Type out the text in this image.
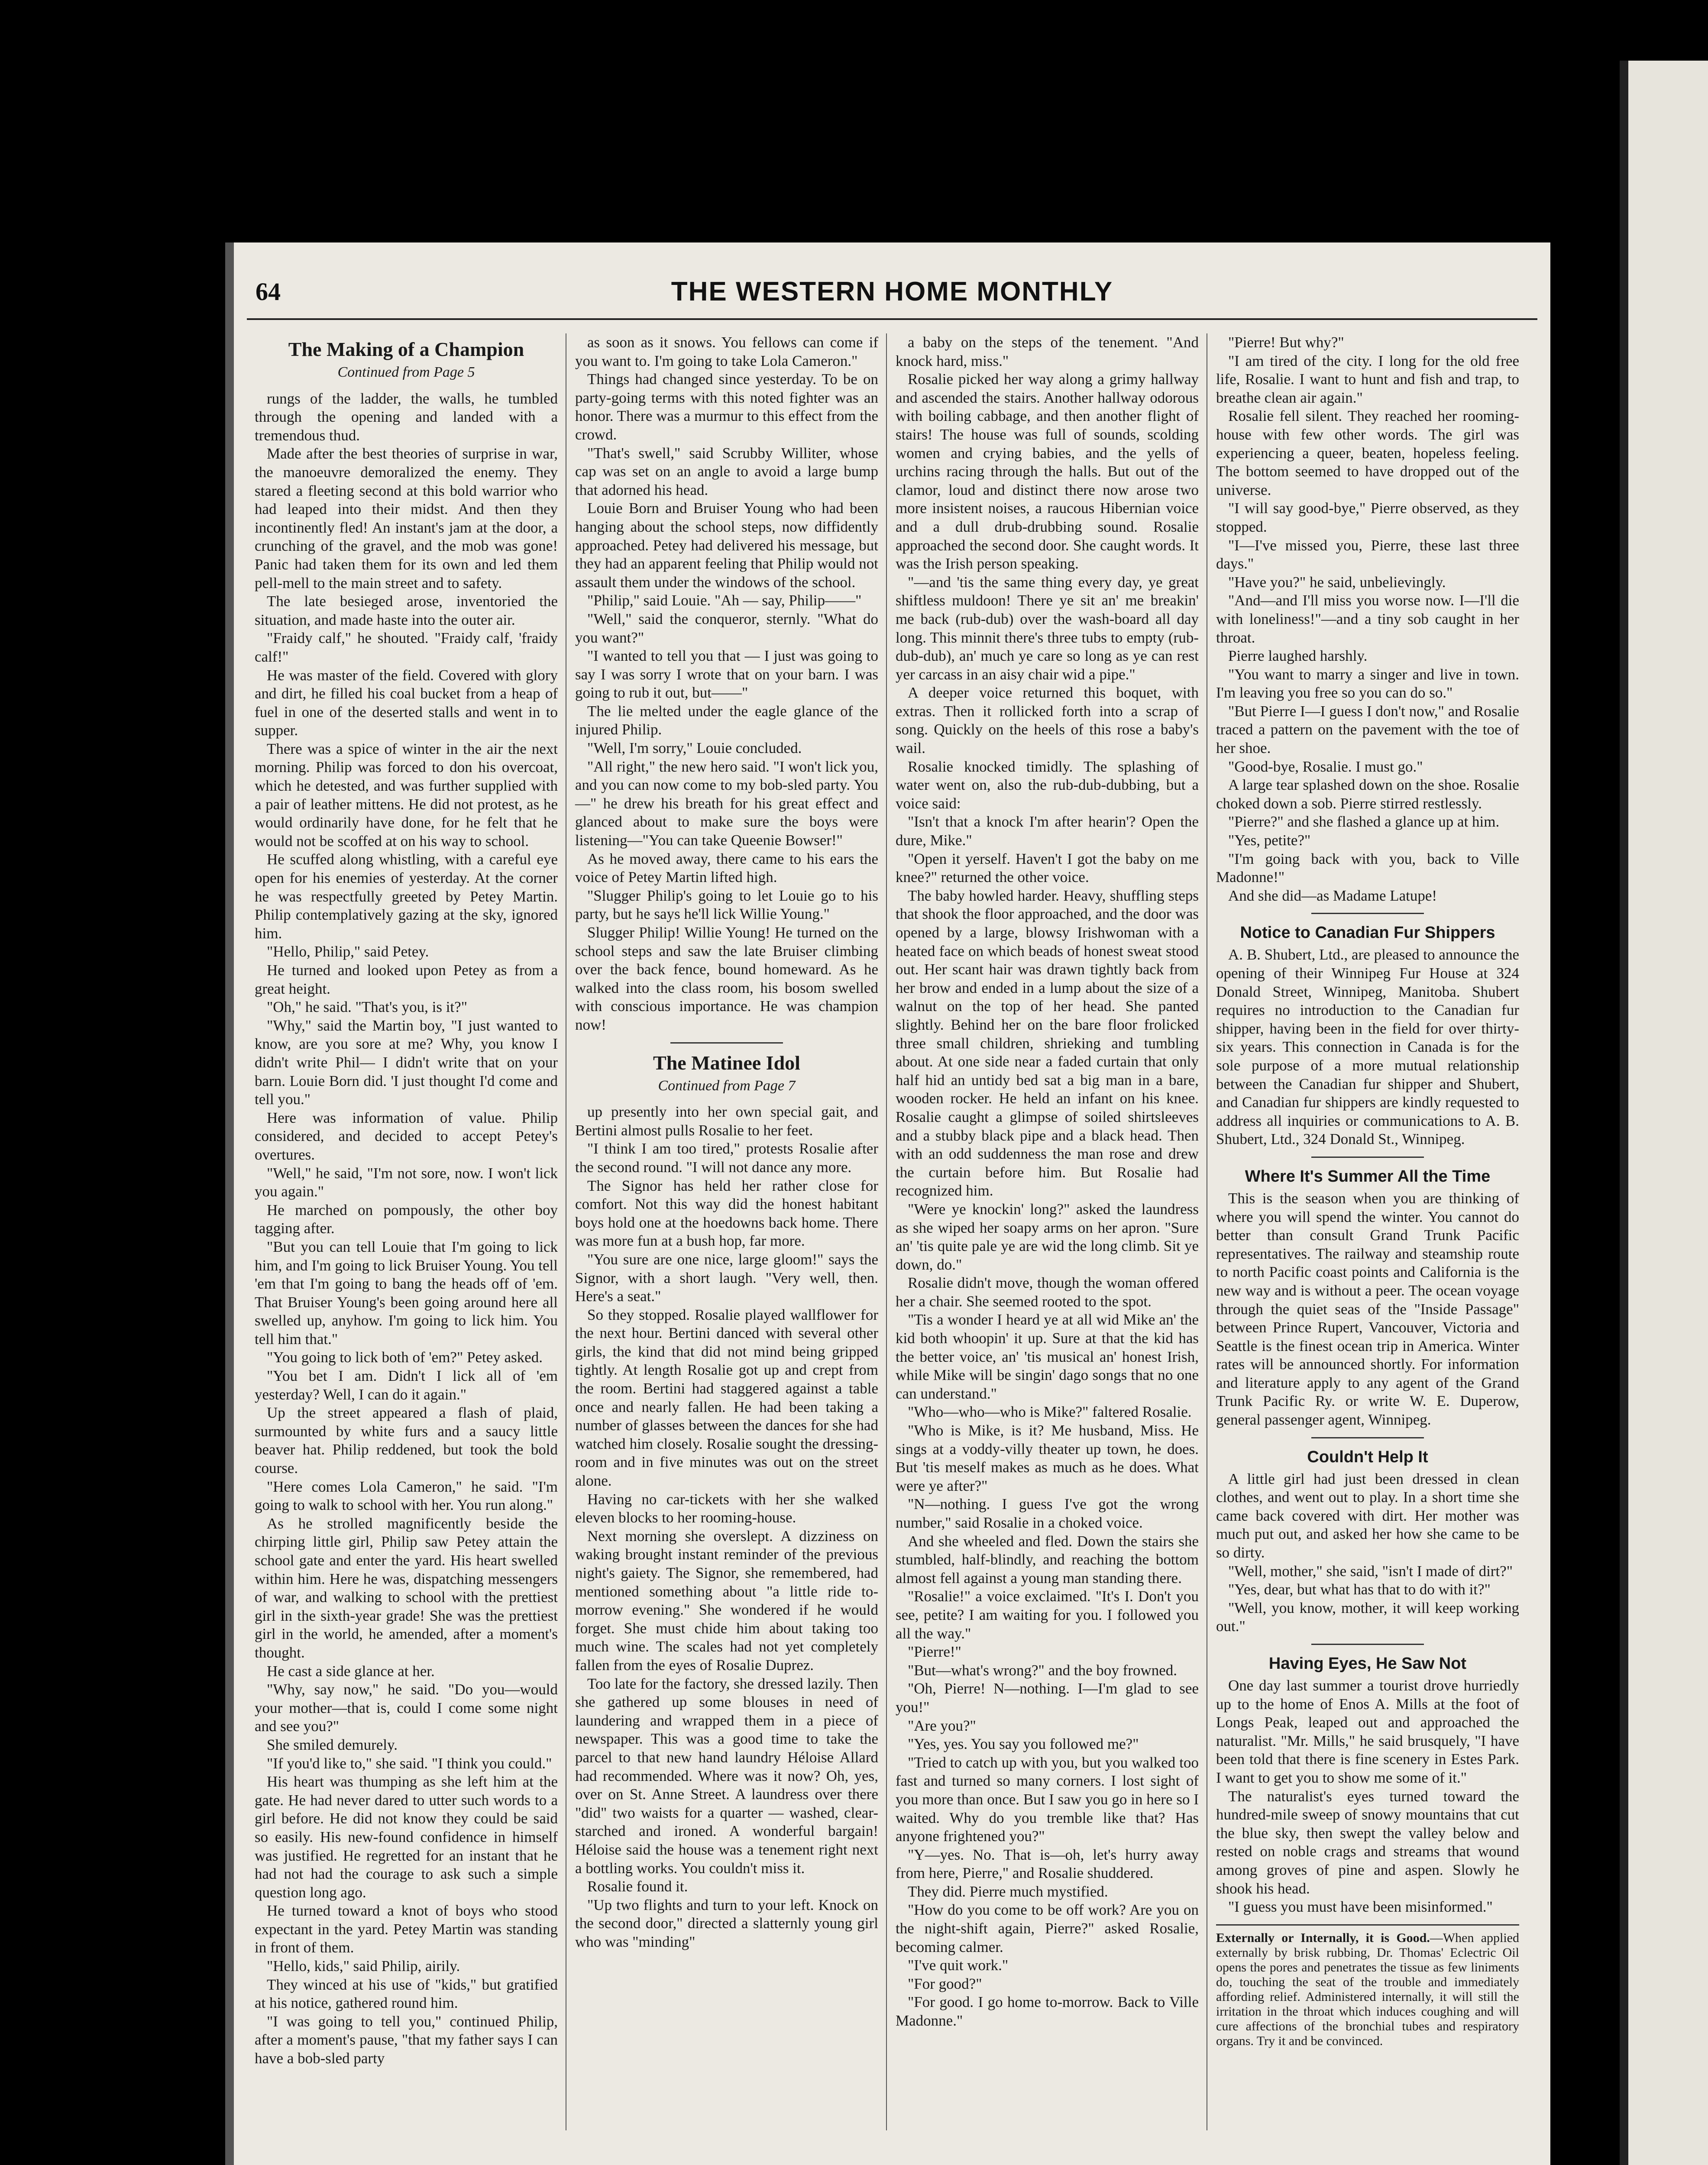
64	THE WESTERN HOME MONTHLY
The Making of a Champion
Continued from Page 5

rungs of the ladder, the walls, he tumbled through the opening and landed with a tremendous thud.

Made after the best theories of surprise in war, the manoeuvre demoralized the enemy. They stared a fleeting second at this bold warrior who had leaped into their midst. And then they incontinently fled! An instant's jam at the door, a crunching of the gravel, and the mob was gone! Panic had taken them for its own and led them pell-mell to the main street and to safety.

The late besieged arose, inventoried the situation, and made haste into the outer air.

"Fraidy calf," he shouted. "Fraidy calf, 'fraidy calf!"

He was master of the field. Covered with glory and dirt, he filled his coal bucket from a heap of fuel in one of the deserted stalls and went in to supper.

There was a spice of winter in the air the next morning. Philip was forced to don his overcoat, which he detested, and was further supplied with a pair of leather mittens. He did not protest, as he would ordinarily have done, for he felt that he would not be scoffed at on his way to school.

He scuffed along whistling, with a careful eye open for his enemies of yesterday. At the corner he was respectfully greeted by Petey Martin. Philip contemplatively gazing at the sky, ignored him.

"Hello, Philip," said Petey.

He turned and looked upon Petey as from a great height.

"Oh," he said. "That's you, is it?"

"Why," said the Martin boy, "I just wanted to know, are you sore at me? Why, you know I didn't write Phil— I didn't write that on your barn. Louie Born did. 'I just thought I'd come and tell you."

Here was information of value. Philip considered, and decided to accept Petey's overtures.

"Well," he said, "I'm not sore, now. I won't lick you again."

He marched on pompously, the other boy tagging after.

"But you can tell Louie that I'm going to lick him, and I'm going to lick Bruiser Young. You tell 'em that I'm going to bang the heads off of 'em. That Bruiser Young's been going around here all swelled up, anyhow. I'm going to lick him. You tell him that."

"You going to lick both of 'em?" Petey asked.

"You bet I am. Didn't I lick all of 'em yesterday? Well, I can do it again."

Up the street appeared a flash of plaid, surmounted by white furs and a saucy little beaver hat. Philip reddened, but took the bold course.

"Here comes Lola Cameron," he said. "I'm going to walk to school with her. You run along."

As he strolled magnificently beside the chirping little girl, Philip saw Petey attain the school gate and enter the yard. His heart swelled within him. Here he was, dispatching messengers of war, and walking to school with the prettiest girl in the sixth-year grade! She was the prettiest girl in the world, he amended, after a moment's thought.

He cast a side glance at her.

"Why, say now," he said. "Do you—would your mother—that is, could I come some night and see you?"

She smiled demurely.

"If you'd like to," she said. "I think you could."

His heart was thumping as she left him at the gate. He had never dared to utter such words to a girl before. He did not know they could be said so easily. His new-found confidence in himself was justified. He regretted for an instant that he had not had the courage to ask such a simple question long ago.

He turned toward a knot of boys who stood expectant in the yard. Petey Martin was standing in front of them.

"Hello, kids," said Philip, airily.

They winced at his use of "kids," but gratified at his notice, gathered round him.

"I was going to tell you," continued Philip, after a moment's pause, "that my father says I can have a bob-sled party

as soon as it snows. You fellows can come if you want to. I'm going to take Lola Cameron."

Things had changed since yesterday. To be on party-going terms with this noted fighter was an honor. There was a murmur to this effect from the crowd.

"That's swell," said Scrubby Williter, whose cap was set on an angle to avoid a large bump that adorned his head.

Louie Born and Bruiser Young who had been hanging about the school steps, now diffidently approached. Petey had delivered his message, but they had an apparent feeling that Philip would not assault them under the windows of the school.

"Philip," said Louie. "Ah — say, Philip——"

"Well," said the conqueror, sternly. "What do you want?"

"I wanted to tell you that — I just was going to say I was sorry I wrote that on your barn. I was going to rub it out, but——"

The lie melted under the eagle glance of the injured Philip.

"Well, I'm sorry," Louie concluded.

"All right," the new hero said. "I won't lick you, and you can now come to my bob-sled party. You—" he drew his breath for his great effect and glanced about to make sure the boys were listening—"You can take Queenie Bowser!"

As he moved away, there came to his ears the voice of Petey Martin lifted high.

"Slugger Philip's going to let Louie go to his party, but he says he'll lick Willie Young."

Slugger Philip! Willie Young! He turned on the school steps and saw the late Bruiser climbing over the back fence, bound homeward. As he walked into the class room, his bosom swelled with conscious importance. He was champion now!

The Matinee Idol
Continued from Page 7

up presently into her own special gait, and Bertini almost pulls Rosalie to her feet.

"I think I am too tired," protests Rosalie after the second round. "I will not dance any more.

The Signor has held her rather close for comfort. Not this way did the honest habitant boys hold one at the hoedowns back home. There was more fun at a bush hop, far more.

"You sure are one nice, large gloom!" says the Signor, with a short laugh. "Very well, then. Here's a seat."

So they stopped. Rosalie played wallflower for the next hour. Bertini danced with several other girls, the kind that did not mind being gripped tightly. At length Rosalie got up and crept from the room. Bertini had staggered against a table once and nearly fallen. He had been taking a number of glasses between the dances for she had watched him closely. Rosalie sought the dressing-room and in five minutes was out on the street alone.

Having no car-tickets with her she walked eleven blocks to her rooming-house.

Next morning she overslept. A dizziness on waking brought instant reminder of the previous night's gaiety. The Signor, she remembered, had mentioned something about "a little ride to-morrow evening." She wondered if he would forget. She must chide him about taking too much wine. The scales had not yet completely fallen from the eyes of Rosalie Duprez.

Too late for the factory, she dressed lazily. Then she gathered up some blouses in need of laundering and wrapped them in a piece of newspaper. This was a good time to take the parcel to that new hand laundry Héloise Allard had recommended. Where was it now? Oh, yes, over on St. Anne Street. A laundress over there "did" two waists for a quarter — washed, clear-starched and ironed. A wonderful bargain! Héloise said the house was a tenement right next a bottling works. You couldn't miss it.

Rosalie found it.

"Up two flights and turn to your left. Knock on the second door," directed a slatternly young girl who was "minding"

a baby on the steps of the tenement. "And knock hard, miss."

Rosalie picked her way along a grimy hallway and ascended the stairs. Another hallway odorous with boiling cabbage, and then another flight of stairs! The house was full of sounds, scolding women and crying babies, and the yells of urchins racing through the halls. But out of the clamor, loud and distinct there now arose two more insistent noises, a raucous Hibernian voice and a dull drub-drubbing sound. Rosalie approached the second door. She caught words. It was the Irish person speaking.

"—and 'tis the same thing every day, ye great shiftless muldoon! There ye sit an' me breakin' me back (rub-dub) over the wash-board all day long. This minnit there's three tubs to empty (rub-dub-dub), an' much ye care so long as ye can rest yer carcass in an aisy chair wid a pipe."

A deeper voice returned this boquet, with extras. Then it rollicked forth into a scrap of song. Quickly on the heels of this rose a baby's wail.

Rosalie knocked timidly. The splashing of water went on, also the rub-dub-dubbing, but a voice said:

"Isn't that a knock I'm after hearin'? Open the dure, Mike."

"Open it yerself. Haven't I got the baby on me knee?" returned the other voice.

The baby howled harder. Heavy, shuffling steps that shook the floor approached, and the door was opened by a large, blowsy Irishwoman with a heated face on which beads of honest sweat stood out. Her scant hair was drawn tightly back from her brow and ended in a lump about the size of a walnut on the top of her head. She panted slightly. Behind her on the bare floor frolicked three small children, shrieking and tumbling about. At one side near a faded curtain that only half hid an untidy bed sat a big man in a bare, wooden rocker. He held an infant on his knee. Rosalie caught a glimpse of soiled shirtsleeves and a stubby black pipe and a black head. Then with an odd suddenness the man rose and drew the curtain before him. But Rosalie had recognized him.

"Were ye knockin' long?" asked the laundress as she wiped her soapy arms on her apron. "Sure an' 'tis quite pale ye are wid the long climb. Sit ye down, do."

Rosalie didn't move, though the woman offered her a chair. She seemed rooted to the spot.

"Tis a wonder I heard ye at all wid Mike an' the kid both whoopin' it up. Sure at that the kid has the better voice, an' 'tis musical an' honest Irish, while Mike will be singin' dago songs that no one can understand."

"Who—who—who is Mike?" faltered Rosalie.

"Who is Mike, is it? Me husband, Miss. He sings at a voddy-villy theater up town, he does. But 'tis meself makes as much as he does. What were ye after?"

"N—nothing. I guess I've got the wrong number," said Rosalie in a choked voice.

And she wheeled and fled. Down the stairs she stumbled, half-blindly, and reaching the bottom almost fell against a young man standing there.

"Rosalie!" a voice exclaimed. "It's I. Don't you see, petite? I am waiting for you. I followed you all the way."

"Pierre!"

"But—what's wrong?" and the boy frowned.

"Oh, Pierre! N—nothing. I—I'm glad to see you!"

"Are you?"

"Yes, yes. You say you followed me?"

"Tried to catch up with you, but you walked too fast and turned so many corners. I lost sight of you more than once. But I saw you go in here so I waited. Why do you tremble like that? Has anyone frightened you?"

"Y—yes. No. That is—oh, let's hurry away from here, Pierre," and Rosalie shuddered.

They did. Pierre much mystified.

"How do you come to be off work? Are you on the night-shift again, Pierre?" asked Rosalie, becoming calmer.

"I've quit work."

"For good?"

"For good. I go home to-morrow. Back to Ville Madonne."

"Pierre! But why?"

"I am tired of the city. I long for the old free life, Rosalie. I want to hunt and fish and trap, to breathe clean air again."

Rosalie fell silent. They reached her rooming-house with few other words. The girl was experiencing a queer, beaten, hopeless feeling. The bottom seemed to have dropped out of the universe.

"I will say good-bye," Pierre observed, as they stopped.

"I—I've missed you, Pierre, these last three days."

"Have you?" he said, unbelievingly.

"And—and I'll miss you worse now. I—I'll die with loneliness!"—and a tiny sob caught in her throat.

Pierre laughed harshly.

"You want to marry a singer and live in town. I'm leaving you free so you can do so."

"But Pierre I—I guess I don't now," and Rosalie traced a pattern on the pavement with the toe of her shoe.

"Good-bye, Rosalie. I must go."

A large tear splashed down on the shoe. Rosalie choked down a sob. Pierre stirred restlessly.

"Pierre?" and she flashed a glance up at him.

"Yes, petite?"

"I'm going back with you, back to Ville Madonne!"

And she did—as Madame Latupe!

Notice to Canadian Fur Shippers

A. B. Shubert, Ltd., are pleased to announce the opening of their Winnipeg Fur House at 324 Donald Street, Winnipeg, Manitoba. Shubert requires no introduction to the Canadian fur shipper, having been in the field for over thirty-six years. This connection in Canada is for the sole purpose of a more mutual relationship between the Canadian fur shipper and Shubert, and Canadian fur shippers are kindly requested to address all inquiries or communications to A. B. Shubert, Ltd., 324 Donald St., Winnipeg.

Where It's Summer All the Time

This is the season when you are thinking of where you will spend the winter. You cannot do better than consult Grand Trunk Pacific representatives. The railway and steamship route to north Pacific coast points and California is the new way and is without a peer. The ocean voyage through the quiet seas of the "Inside Passage" between Prince Rupert, Vancouver, Victoria and Seattle is the finest ocean trip in America. Winter rates will be announced shortly. For information and literature apply to any agent of the Grand Trunk Pacific Ry. or write W. E. Duperow, general passenger agent, Winnipeg.

Couldn't Help It

A little girl had just been dressed in clean clothes, and went out to play. In a short time she came back covered with dirt. Her mother was much put out, and asked her how she came to be so dirty.

"Well, mother," she said, "isn't I made of dirt?"

"Yes, dear, but what has that to do with it?"

"Well, you know, mother, it will keep working out."

Having Eyes, He Saw Not

One day last summer a tourist drove hurriedly up to the home of Enos A. Mills at the foot of Longs Peak, leaped out and approached the naturalist. "Mr. Mills," he said brusquely, "I have been told that there is fine scenery in Estes Park. I want to get you to show me some of it."

The naturalist's eyes turned toward the hundred-mile sweep of snowy mountains that cut the blue sky, then swept the valley below and rested on noble crags and streams that wound among groves of pine and aspen. Slowly he shook his head.

"I guess you must have been misinformed."

Externally or Internally, it is Good.—When applied externally by brisk rubbing, Dr. Thomas' Eclectric Oil opens the pores and penetrates the tissue as few liniments do, touching the seat of the trouble and immediately affording relief. Administered internally, it will still the irritation in the throat which induces coughing and will cure affections of the bronchial tubes and respiratory organs. Try it and be convinced.
